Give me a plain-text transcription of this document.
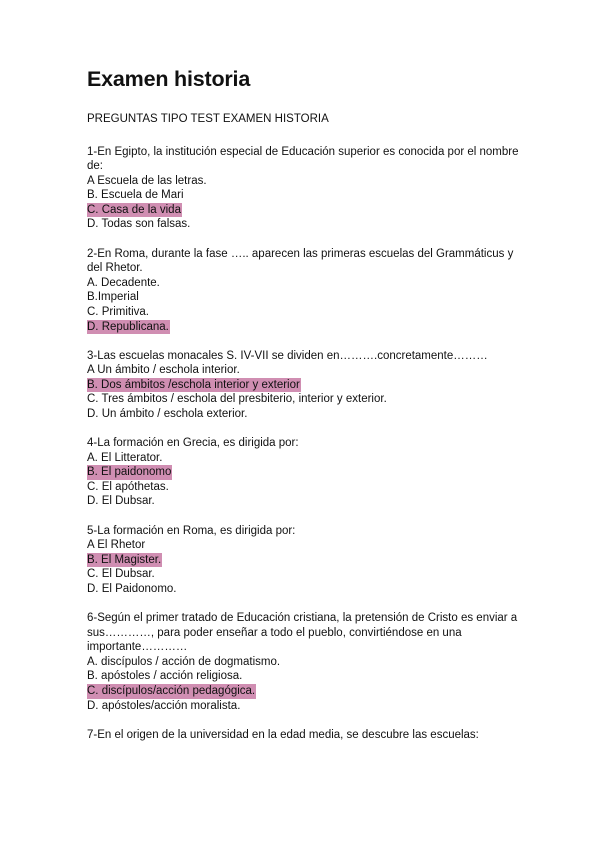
Examen historia
PREGUNTAS TIPO TEST EXAMEN HISTORIA
1-En Egipto, la institución especial de Educación superior es conocida por el nombre de:
A Escuela de las letras.
B. Escuela de Mari
C. Casa de la vida
D. Todas son falsas.
2-En Roma, durante la fase ….. aparecen las primeras escuelas del Grammáticus y del Rhetor.
A. Decadente.
B.Imperial
C. Primitiva.
D. Republicana.
3-Las escuelas monacales S. IV-VII se dividen en……….concretamente………
A Un ámbito / eschola interior.
B. Dos ámbitos /eschola interior y exterior
C. Tres ámbitos / eschola del presbiterio, interior y exterior.
D. Un ámbito / eschola exterior.
4-La formación en Grecia, es dirigida por:
A. El Litterator.
B. El paidonomo
C. El apóthetas.
D. El Dubsar.
5-La formación en Roma, es dirigida por:
A El Rhetor
B. El Magister.
C. El Dubsar.
D. El Paidonomo.
6-Según el primer tratado de Educación cristiana, la pretensión de Cristo es enviar a sus…………, para poder enseñar a todo el pueblo, convirtiéndose en una importante…………
A. discípulos / acción de dogmatismo.
B. apóstoles / acción religiosa.
C. discípulos/acción pedagógica.
D. apóstoles/acción moralista.
7-En el origen de la universidad en la edad media, se descubre las escuelas:
